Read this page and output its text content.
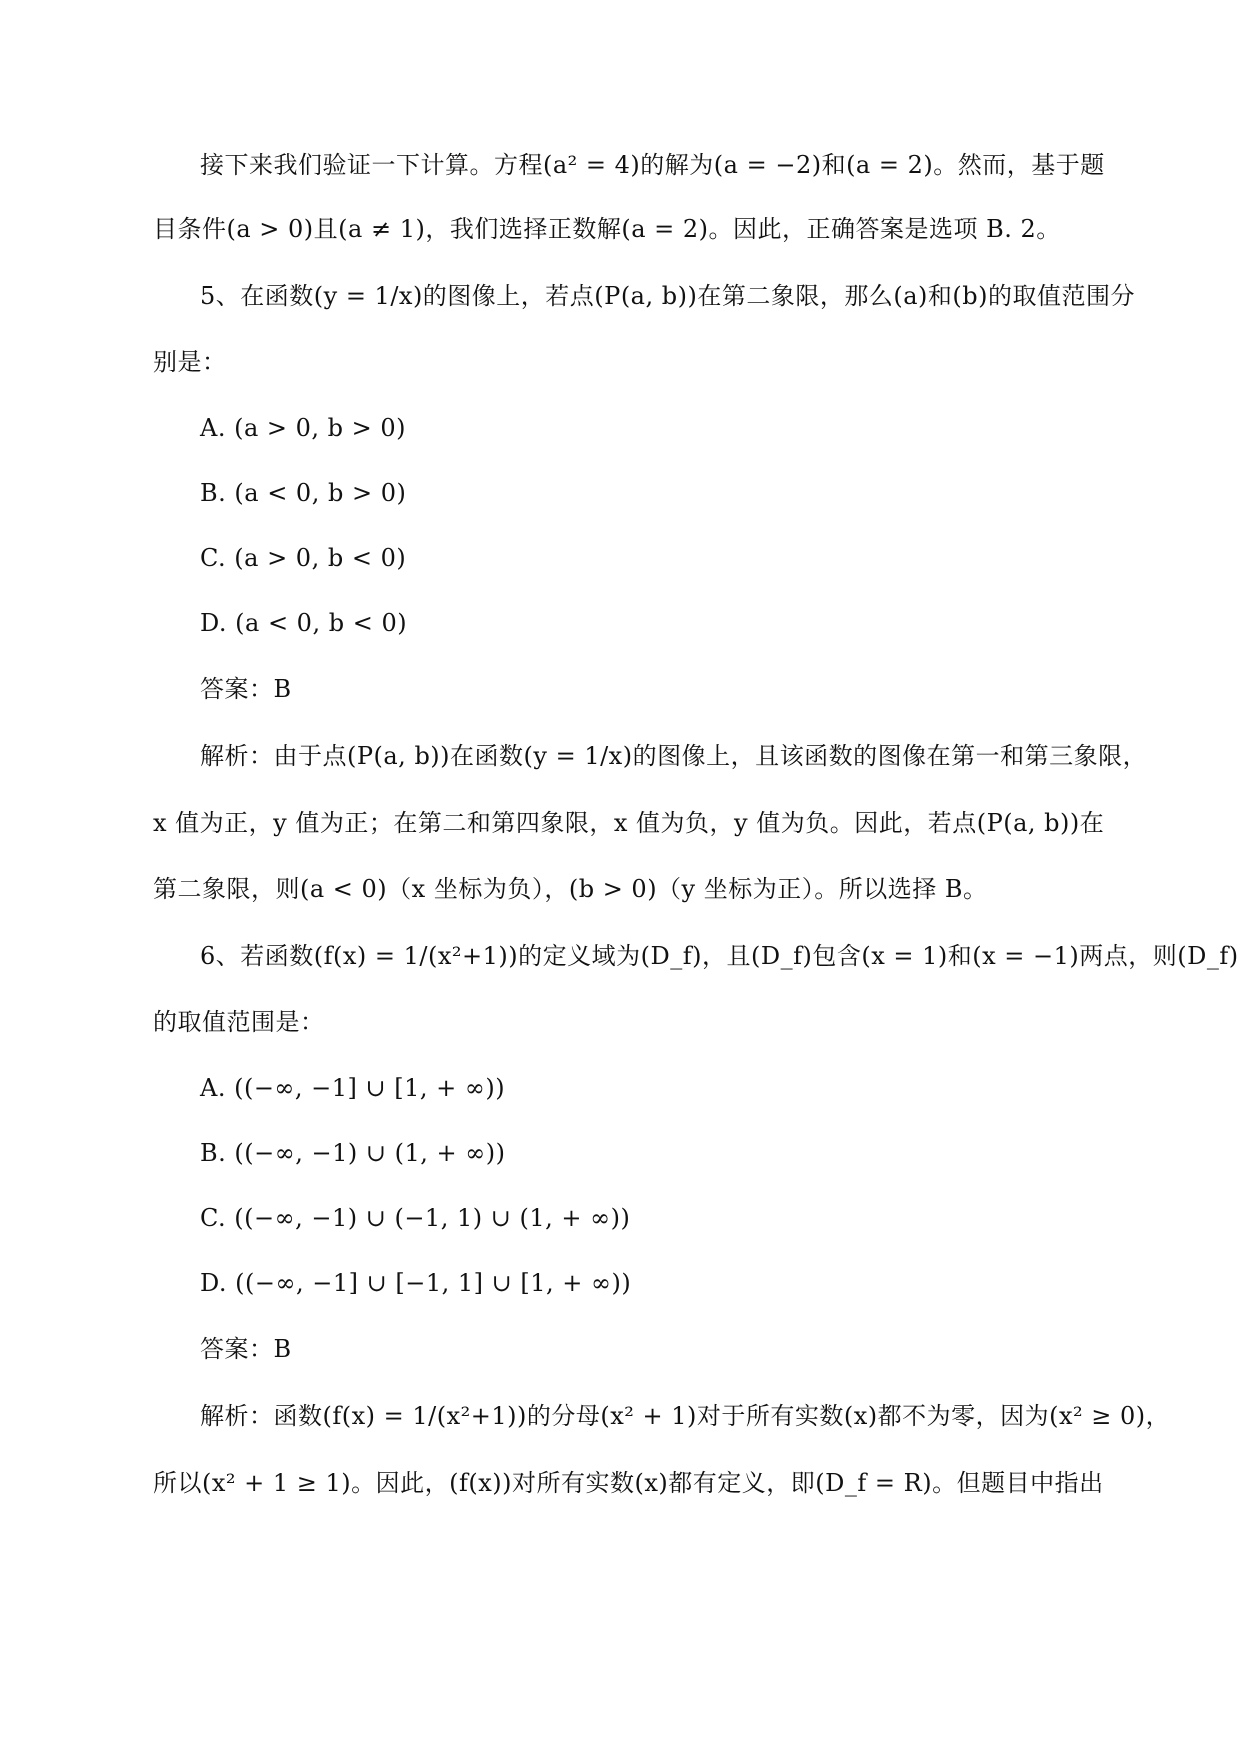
接下来我们验证一下计算。方程(a² = 4)的解为(a = −2)和(a = 2)。然而，基于题
目条件(a > 0)且(a ≠ 1)，我们选择正数解(a = 2)。因此，正确答案是选项 B. 2。
5、在函数(y = 1/x)的图像上，若点(P(a, b))在第二象限，那么(a)和(b)的取值范围分
别是：
A. (a > 0, b > 0)
B. (a < 0, b > 0)
C. (a > 0, b < 0)
D. (a < 0, b < 0)
答案：B
解析：由于点(P(a, b))在函数(y = 1/x)的图像上，且该函数的图像在第一和第三象限，
x 值为正，y 值为正；在第二和第四象限，x 值为负，y 值为负。因此，若点(P(a, b))在
第二象限，则(a < 0)（x 坐标为负），(b > 0)（y 坐标为正）。所以选择 B。
6、若函数(f(x) = 1/(x²+1))的定义域为(D_f)，且(D_f)包含(x = 1)和(x = −1)两点，则(D_f)
的取值范围是：
A. ((−∞, −1] ∪ [1, + ∞))
B. ((−∞, −1) ∪ (1, + ∞))
C. ((−∞, −1) ∪ (−1, 1) ∪ (1, + ∞))
D. ((−∞, −1] ∪ [−1, 1] ∪ [1, + ∞))
答案：B
解析：函数(f(x) = 1/(x²+1))的分母(x² + 1)对于所有实数(x)都不为零，因为(x² ≥ 0)，
所以(x² + 1 ≥ 1)。因此，(f(x))对所有实数(x)都有定义，即(D_f = R)。但题目中指出
